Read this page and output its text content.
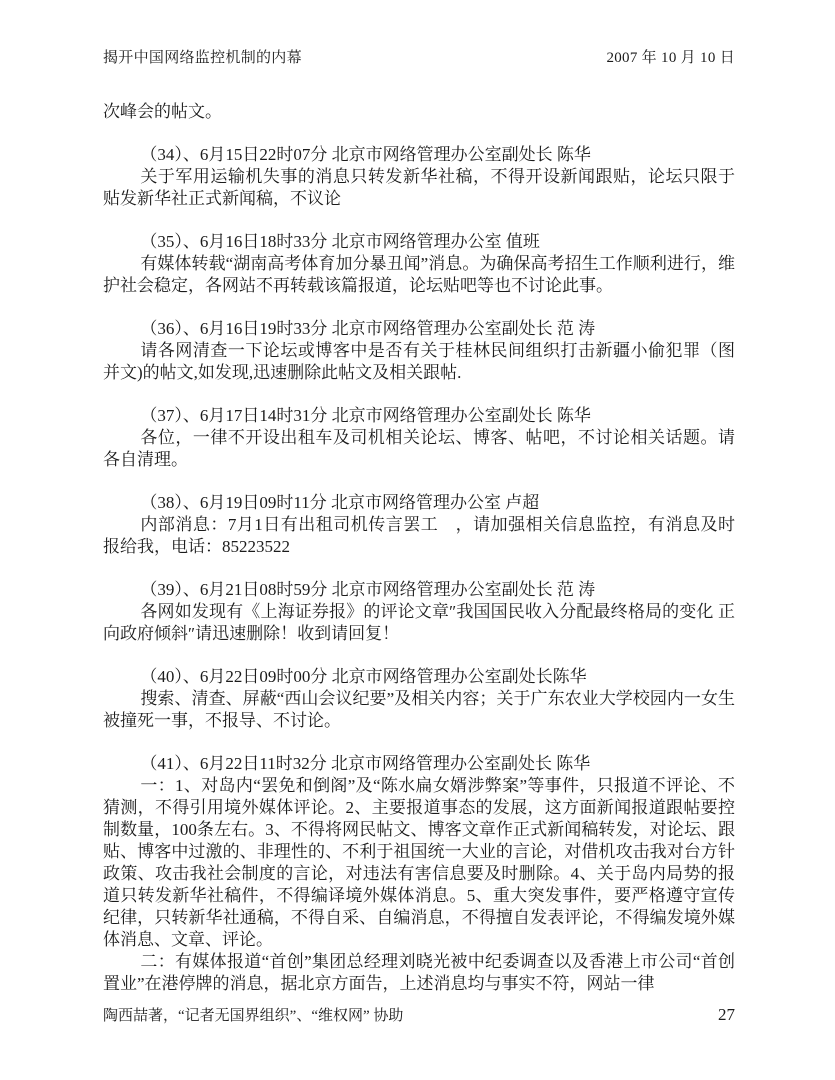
揭开中国网络监控机制的内幕	2007 年 10 月 10 日

次峰会的帖文。

（34）、6月15日22时07分 北京市网络管理办公室副处长 陈华

关于军用运输机失事的消息只转发新华社稿，不得开设新闻跟贴，论坛只限于贴发新华社正式新闻稿，不议论

（35）、6月16日18时33分 北京市网络管理办公室 值班

有媒体转载“湖南高考体育加分暴丑闻”消息。为确保高考招生工作顺利进行，维护社会稳定，各网站不再转载该篇报道，论坛贴吧等也不讨论此事。

（36）、6月16日19时33分 北京市网络管理办公室副处长 范 涛

请各网清查一下论坛或博客中是否有关于桂林民间组织打击新疆小偷犯罪（图并文)的帖文,如发现,迅速删除此帖文及相关跟帖.

（37）、6月17日14时31分 北京市网络管理办公室副处长 陈华

各位，一律不开设出租车及司机相关论坛、博客、帖吧，不讨论相关话题。请各自清理。

（38）、6月19日09时11分 北京市网络管理办公室 卢超

内部消息：7月1日有出租司机传言罢工　，请加强相关信息监控，有消息及时报给我，电话：85223522

（39）、6月21日08时59分 北京市网络管理办公室副处长 范 涛

各网如发现有《上海证券报》的评论文章″我国国民收入分配最终格局的变化 正向政府倾斜″请迅速删除！收到请回复！

（40）、6月22日09时00分 北京市网络管理办公室副处长陈华

搜索、清查、屏蔽“西山会议纪要”及相关内容；关于广东农业大学校园内一女生被撞死一事，不报导、不讨论。

（41）、6月22日11时32分 北京市网络管理办公室副处长 陈华

一：1、对岛内“罢免和倒阁”及“陈水扁女婿涉弊案”等事件，只报道不评论、不猜测，不得引用境外媒体评论。2、主要报道事态的发展，这方面新闻报道跟帖要控制数量，100条左右。3、不得将网民帖文、博客文章作正式新闻稿转发，对论坛、跟贴、博客中过激的、非理性的、不利于祖国统一大业的言论，对借机攻击我对台方针政策、攻击我社会制度的言论，对违法有害信息要及时删除。4、关于岛内局势的报道只转发新华社稿件，不得编译境外媒体消息。5、重大突发事件，要严格遵守宣传纪律，只转新华社通稿，不得自采、自编消息，不得擅自发表评论，不得编发境外媒体消息、文章、评论。

二：有媒体报道“首创”集团总经理刘晓光被中纪委调查以及香港上市公司“首创置业”在港停牌的消息，据北京方面告，上述消息均与事实不符，网站一律

陶西喆著，“记者无国界组织”、“维权网” 协助	27
